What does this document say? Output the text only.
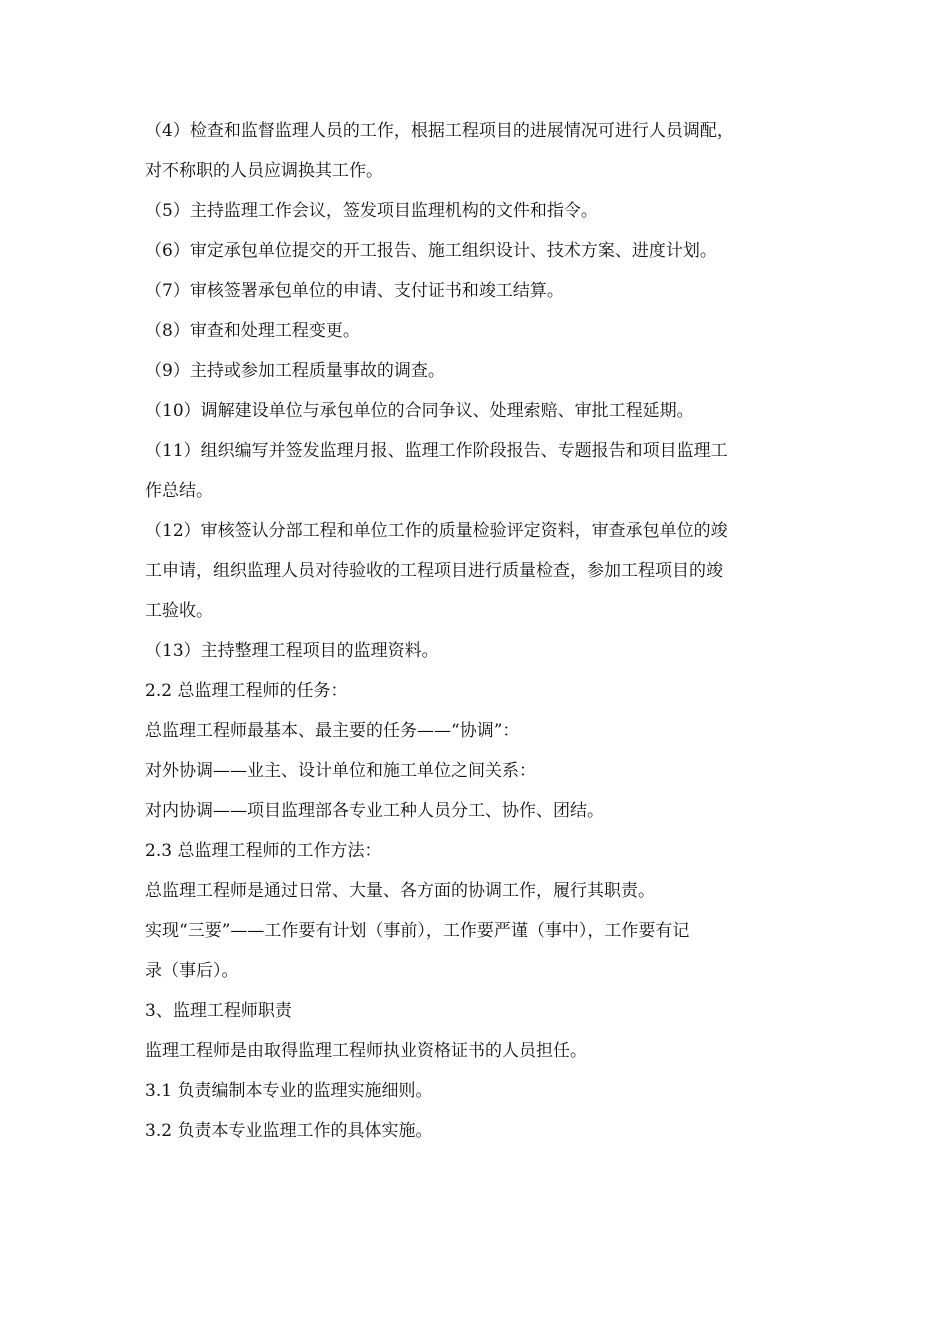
（4）检查和监督监理人员的工作，根据工程项目的进展情况可进行人员调配，

对不称职的人员应调换其工作。

（5）主持监理工作会议，签发项目监理机构的文件和指令。

（6）审定承包单位提交的开工报告、施工组织设计、技术方案、进度计划。

（7）审核签署承包单位的申请、支付证书和竣工结算。

（8）审查和处理工程变更。

（9）主持或参加工程质量事故的调查。

（10）调解建设单位与承包单位的合同争议、处理索赔、审批工程延期。

（11）组织编写并签发监理月报、监理工作阶段报告、专题报告和项目监理工

作总结。

（12）审核签认分部工程和单位工作的质量检验评定资料，审查承包单位的竣

工申请，组织监理人员对待验收的工程项目进行质量检查，参加工程项目的竣

工验收。

（13）主持整理工程项目的监理资料。

2.2 总监理工程师的任务：

总监理工程师最基本、最主要的任务——“协调”：

对外协调——业主、设计单位和施工单位之间关系：

对内协调——项目监理部各专业工种人员分工、协作、团结。

2.3 总监理工程师的工作方法：

总监理工程师是通过日常、大量、各方面的协调工作，履行其职责。

实现“三要”——工作要有计划（事前），工作要严谨（事中），工作要有记

录（事后）。

3、监理工程师职责

监理工程师是由取得监理工程师执业资格证书的人员担任。

3.1 负责编制本专业的监理实施细则。

3.2 负责本专业监理工作的具体实施。
